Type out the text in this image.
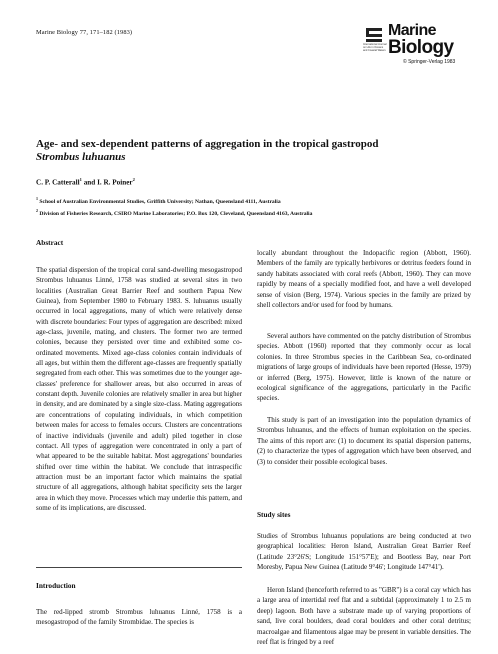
Marine Biology 77, 171–182 (1983)
International Journal
on Life in Oceans
and Coastal Waters
Marine
Biology
© Springer-Verlag 1983
Age- and sex-dependent patterns of aggregation in the tropical gastropod
Strombus luhuanus
C. P. Catterall$^1$ and I. R. Poiner$^2$
$^1$ School of Australian Environmental Studies, Griffith University; Nathan, Queensland 4111, Australia
$^2$ Division of Fisheries Research, CSIRO Marine Laboratories; P.O. Box 120, Cleveland, Queensland 4163, Australia

Abstract

The spatial dispersion of the tropical coral sand-dwelling mesogastropod Strombus luhuanus Linné, 1758 was studied at several sites in two localities (Australian Great Barrier Reef and southern Papua New Guinea), from September 1980 to February 1983. S. luhuanus usually occurred in local aggregations, many of which were relatively dense with discrete boundaries: Four types of aggregation are described: mixed age-class, juvenile, mating, and clusters. The former two are termed colonies, because they persisted over time and exhibited some co-ordinated movements. Mixed age-class colonies contain individuals of all ages, but within them the different age-classes are frequently spatially segregated from each other. This was sometimes due to the younger age-classes' preference for shallower areas, but also occurred in areas of constant depth. Juvenile colonies are relatively smaller in area but higher in density, and are dominated by a single size-class. Mating aggregations are concentrations of copulating individuals, in which competition between males for access to females occurs. Clusters are concentrations of inactive individuals (juvenile and adult) piled together in close contact. All types of aggregation were concentrated in only a part of what appeared to be the suitable habitat. Most aggregations' boundaries shifted over time within the habitat. We conclude that intraspecific attraction must be an important factor which maintains the spatial structure of all aggregations, although habitat specificity sets the larger area in which they move. Processes which may underlie this pattern, and some of its implications, are discussed.

Introduction

The red-lipped stromb Strombus luhuanus Linné, 1758 is a mesogastropod of the family Strombidae. The species is

locally abundant throughout the Indopacific region (Abbott, 1960). Members of the family are typically herbivores or detritus feeders found in sandy habitats associated with coral reefs (Abbott, 1960). They can move rapidly by means of a specially modified foot, and have a well developed sense of vision (Berg, 1974). Various species in the family are prized by shell collectors and/or used for food by humans.

Several authors have commented on the patchy distribution of Strombus species. Abbott (1960) reported that they commonly occur as local colonies. In three Strombus species in the Caribbean Sea, co-ordinated migrations of large groups of individuals have been reported (Hesse, 1979) or inferred (Berg, 1975). However, little is known of the nature or ecological significance of the aggregations, particularly in the Pacific species.

This study is part of an investigation into the population dynamics of Strombus luhuanus, and the effects of human exploitation on the species. The aims of this report are: (1) to document its spatial dispersion patterns, (2) to characterize the types of aggregation which have been observed, and (3) to consider their possible ecological bases.

Study sites

Studies of Strombus luhuanus populations are being conducted at two geographical localities: Heron Island, Australian Great Barrier Reef (Latitude 23°26'S; Longitude 151°57'E); and Bootless Bay, near Port Moresby, Papua New Guinea (Latitude 9°46'; Longitude 147°41').

Heron Island (henceforth referred to as "GBR") is a coral cay which has a large area of intertidal reef flat and a subtidal (approximately 1 to 2.5 m deep) lagoon. Both have a substrate made up of varying proportions of sand, live coral boulders, dead coral boulders and other coral detritus; macroalgae and filamentous algae may be present in variable densities. The reef flat is fringed by a reef
